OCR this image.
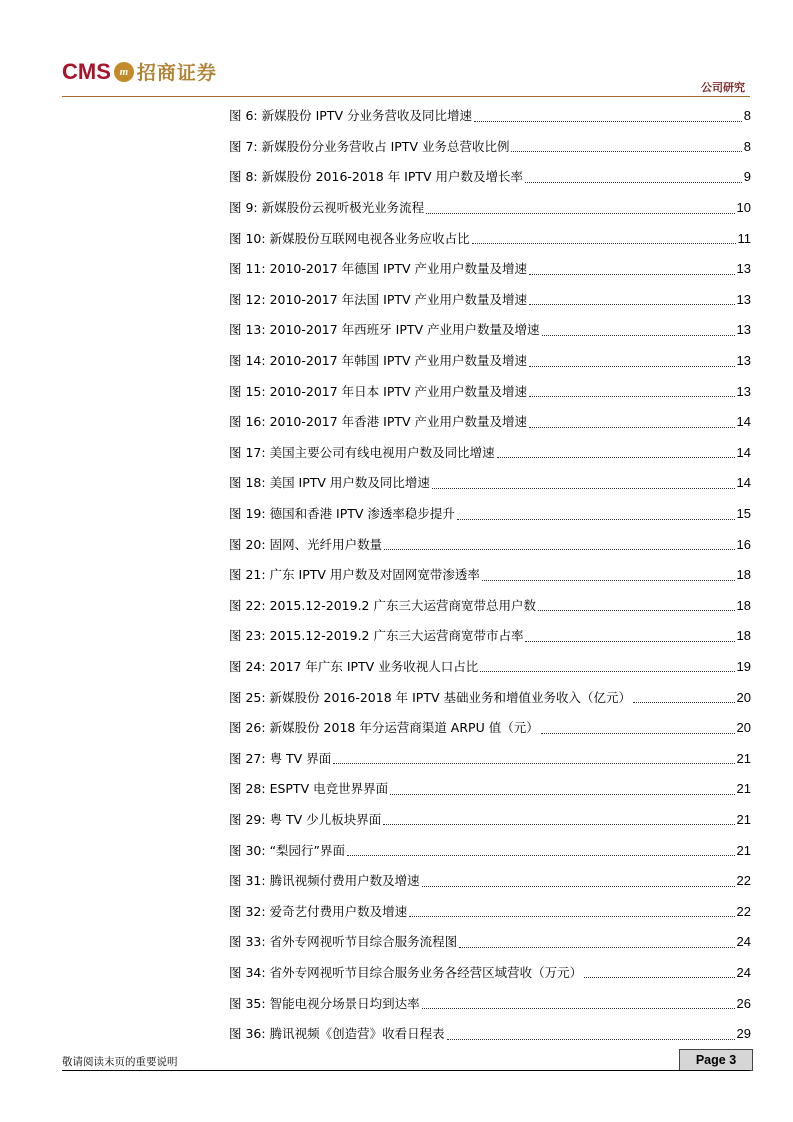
CMS m 招商证券
公司研究
图 6: 新媒股份 IPTV 分业务营收及同比增速	8
图 7: 新媒股份分业务营收占 IPTV 业务总营收比例	8
图 8: 新媒股份 2016-2018 年 IPTV 用户数及增长率	9
图 9: 新媒股份云视听极光业务流程	10
图 10: 新媒股份互联网电视各业务应收占比	11
图 11: 2010-2017 年德国 IPTV 产业用户数量及增速	13
图 12: 2010-2017 年法国 IPTV 产业用户数量及增速	13
图 13: 2010-2017 年西班牙 IPTV 产业用户数量及增速	13
图 14: 2010-2017 年韩国 IPTV 产业用户数量及增速	13
图 15: 2010-2017 年日本 IPTV 产业用户数量及增速	13
图 16: 2010-2017 年香港 IPTV 产业用户数量及增速	14
图 17: 美国主要公司有线电视用户数及同比增速	14
图 18: 美国 IPTV 用户数及同比增速	14
图 19: 德国和香港 IPTV 渗透率稳步提升	15
图 20: 固网、光纤用户数量	16
图 21: 广东 IPTV 用户数及对固网宽带渗透率	18
图 22: 2015.12-2019.2 广东三大运营商宽带总用户数	18
图 23: 2015.12-2019.2 广东三大运营商宽带市占率	18
图 24: 2017 年广东 IPTV 业务收视人口占比	19
图 25: 新媒股份 2016-2018 年 IPTV 基础业务和增值业务收入（亿元）	20
图 26: 新媒股份 2018 年分运营商渠道 ARPU 值（元）	20
图 27: 粤 TV 界面	21
图 28: ESPTV 电竞世界界面	21
图 29: 粤 TV 少儿板块界面	21
图 30: “梨园行”界面	21
图 31: 腾讯视频付费用户数及增速	22
图 32: 爱奇艺付费用户数及增速	22
图 33: 省外专网视听节目综合服务流程图	24
图 34: 省外专网视听节目综合服务业务各经营区域营收（万元）	24
图 35: 智能电视分场景日均到达率	26
图 36: 腾讯视频《创造营》收看日程表	29
敬请阅读末页的重要说明	Page 3
